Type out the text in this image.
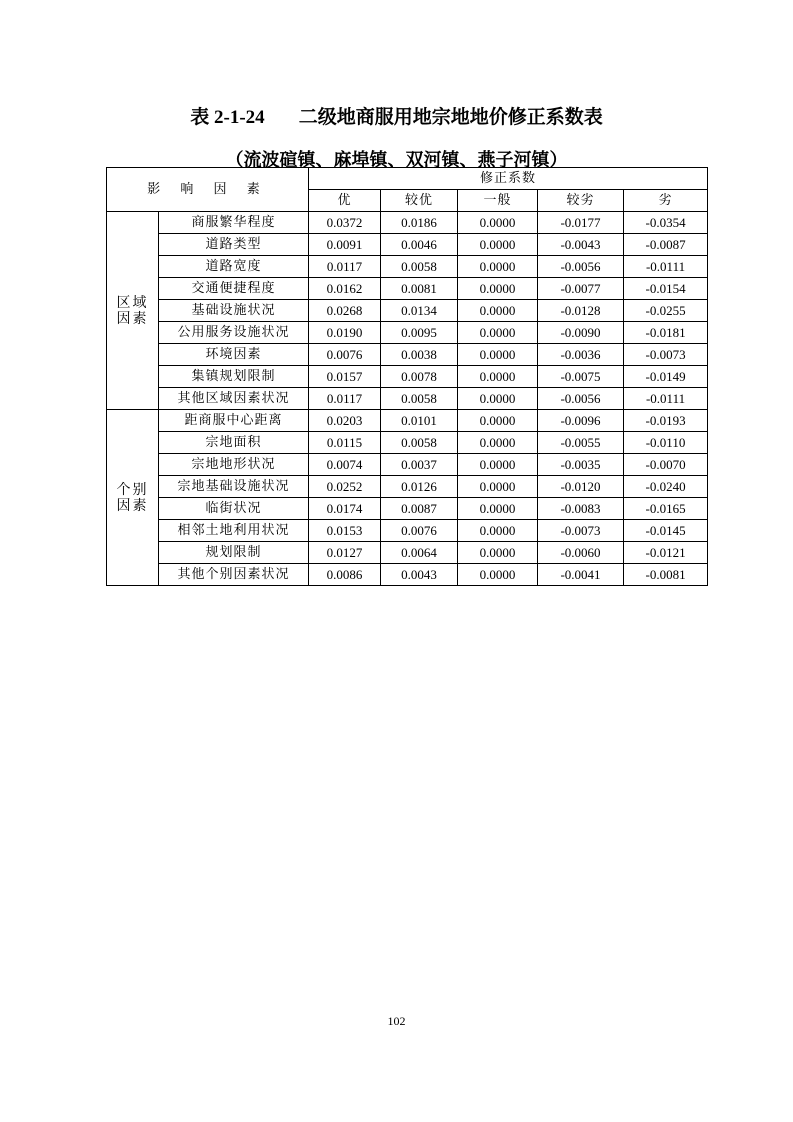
表 2-1-24 二级地商服用地宗地地价修正系数表
（流波碹镇、麻埠镇、双河镇、燕子河镇）
影 响 因 素		修正系数				
		优	较优	一般	较劣	劣

区域
因素	商服繁华程度	0.0372	0.0186	0.0000	-0.0177	-0.0354
	道路类型	0.0091	0.0046	0.0000	-0.0043	-0.0087
	道路宽度	0.0117	0.0058	0.0000	-0.0056	-0.0111
	交通便捷程度	0.0162	0.0081	0.0000	-0.0077	-0.0154
	基础设施状况	0.0268	0.0134	0.0000	-0.0128	-0.0255
	公用服务设施状况	0.0190	0.0095	0.0000	-0.0090	-0.0181
	环境因素	0.0076	0.0038	0.0000	-0.0036	-0.0073
	集镇规划限制	0.0157	0.0078	0.0000	-0.0075	-0.0149
	其他区域因素状况	0.0117	0.0058	0.0000	-0.0056	-0.0111

个别
因素	距商服中心距离	0.0203	0.0101	0.0000	-0.0096	-0.0193
	宗地面积	0.0115	0.0058	0.0000	-0.0055	-0.0110
	宗地地形状况	0.0074	0.0037	0.0000	-0.0035	-0.0070
	宗地基础设施状况	0.0252	0.0126	0.0000	-0.0120	-0.0240
	临街状况	0.0174	0.0087	0.0000	-0.0083	-0.0165
	相邻土地利用状况	0.0153	0.0076	0.0000	-0.0073	-0.0145
	规划限制	0.0127	0.0064	0.0000	-0.0060	-0.0121
	其他个别因素状况	0.0086	0.0043	0.0000	-0.0041	-0.0081
102
